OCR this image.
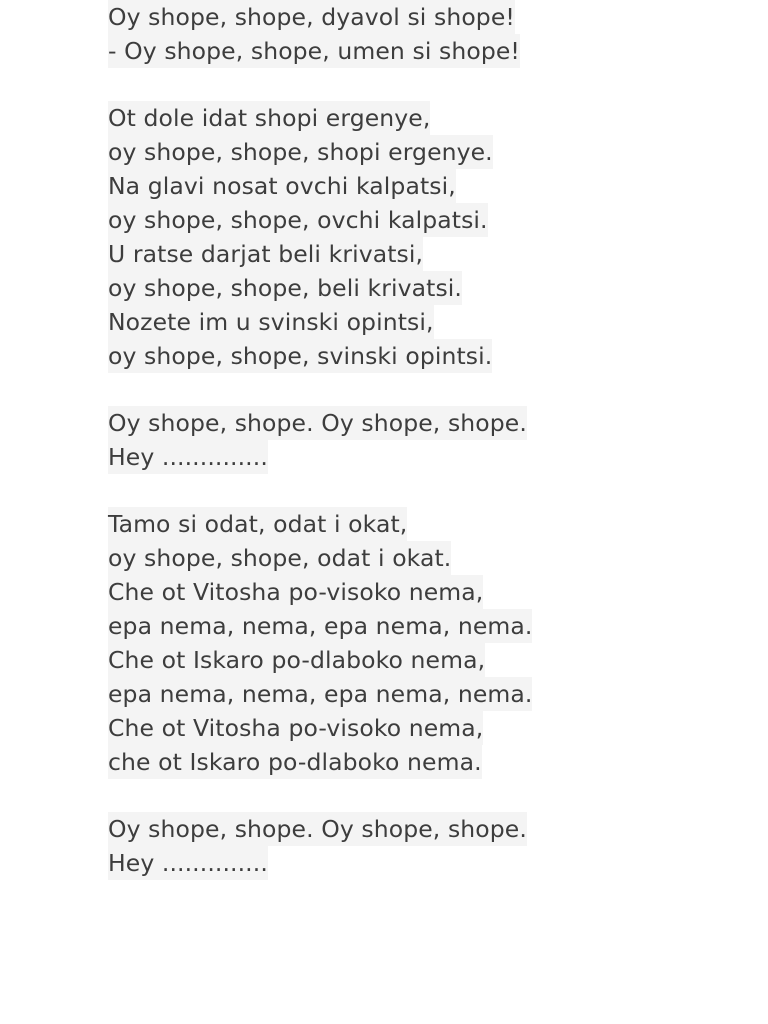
Oy shope, shope, dyavol si shope!
- Oy shope, shope, umen si shope!
Ot dole idat shopi ergenye,
oy shope, shope, shopi ergenye.
Na glavi nosat ovchi kalpatsi,
oy shope, shope, ovchi kalpatsi.
U ratse darjat beli krivatsi,
oy shope, shope, beli krivatsi.
Nozete im u svinski opintsi,
oy shope, shope, svinski opintsi.
Oy shope, shope. Oy shope, shope.
Hey ..............
Tamo si odat, odat i okat,
oy shope, shope, odat i okat.
Che ot Vitosha po-visoko nema,
epa nema, nema, epa nema, nema.
Che ot Iskaro po-dlaboko nema,
epa nema, nema, epa nema, nema.
Che ot Vitosha po-visoko nema,
che ot Iskaro po-dlaboko nema.
Oy shope, shope. Oy shope, shope.
Hey ..............
